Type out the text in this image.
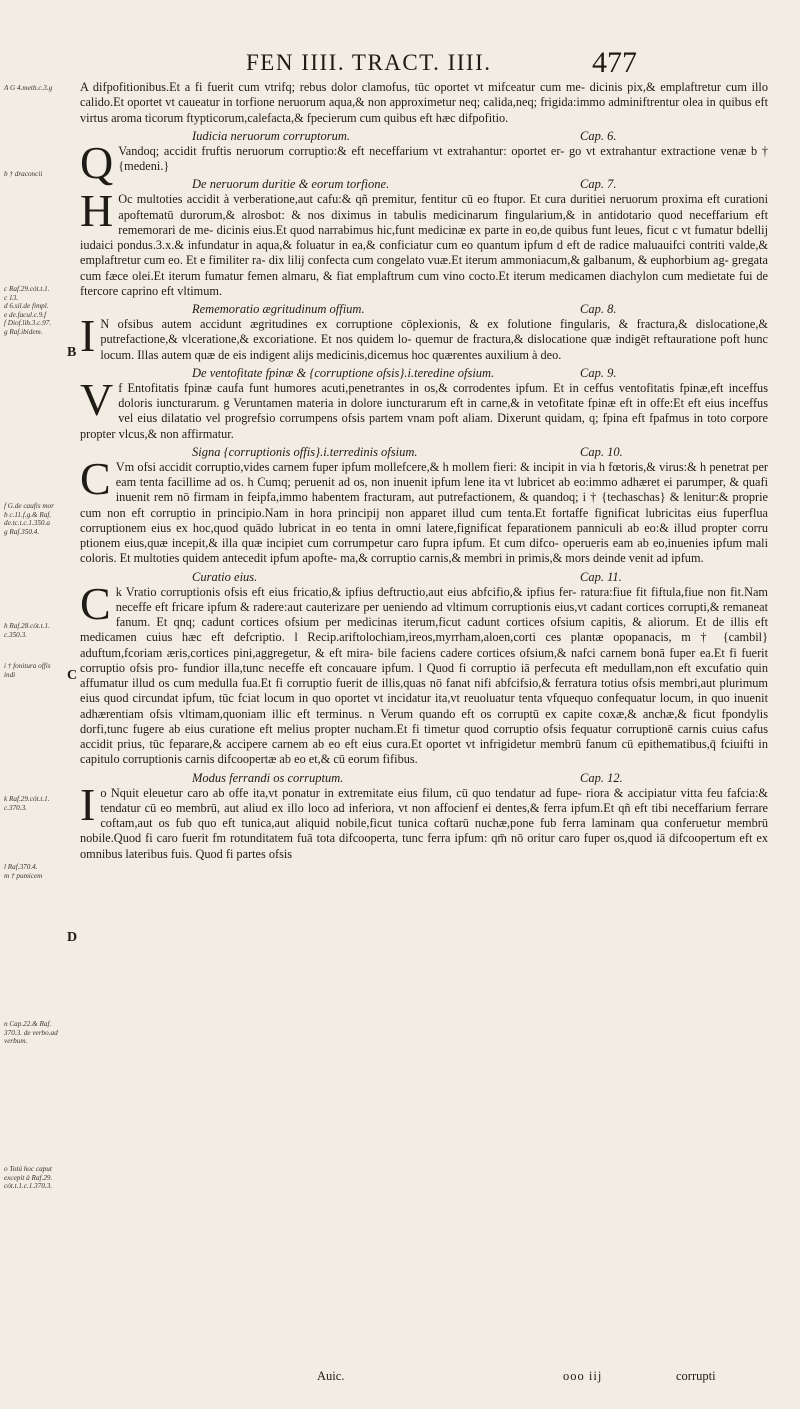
FEN IIII. TRACT. IIII.	477
A G 4.meth.c.3.g
b † draconcii
c Raf.29.cót.t.1.
c 13.
d 6.sil.de fimpl.
e de.facul.c.9.f
f Diof.lib.3.c.97.
g Raf.ibidem.
f G.de caufis mor
b c.11.f.g.& Raf.
de.tc.t.c.1.350.a
g Raf.350.4.
h Raf.28.cót.t.1.
c.350.3.
i † fonitura offis
indi
k Raf.29.cót.t.1.
c.370.3.
l Raf.370.4.
m † pumicem
n Cap.22.& Raf.
370.3. de verbo.ad
verbum.
o Totú hoc caput
excepit à Raf.29.
cót.t.1.c.1.370.3.
B
C
D

A difpofitionibus.Et a fi fuerit cum vtrifq; rebus dolor clamofus, tūc oportet vt mifceatur cum me- dicinis pix,& emplaftretur cum illo calido.Et oportet vt caueatur in torfione neruorum aqua,& non approximetur neq; calida,neq; frigida:immo adminiftrentur olea in quibus eft virtus aroma ticorum ftypticorum,calefacta,& fpecierum cum quibus eft hæc difpofitio.

Iudicia neruorum corruptorum.	Cap. 6.

Q Vandoq; accidit fruftis neruorum corruptio:& eft neceffarium vt extrahantur: oportet er- go vt extrahantur extractione venæ b † {medeni.}

De neruorum duritie & eorum torfione.	Cap. 7.

H Oc multoties accidit à verberatione,aut cafu:& qñ premitur, fentitur cū eo ftupor. Et cura duritiei neruorum proxima eft curationi apoftematū durorum,& alrosbot: & nos diximus in tabulis medicinarum fingularium,& in antidotario quod neceffarium eft rememorari de me- dicinis eius.Et quod narrabimus hic,funt medicinæ ex parte in eo,de quibus funt leues, ficut c vt fumatur bdellij iudaici pondus.3.x.& infundatur in aqua,& foluatur in ea,& conficiatur cum eo quantum ipfum d eft de radice maluauifci contriti valde,& emplaftretur cum eo. Et e fimiliter ra- dix lilij confecta cum congelato vuæ.Et iterum ammoniacum,& galbanum, & euphorbium ag- gregata cum fæce olei.Et iterum fumatur femen almaru, & fiat emplaftrum cum vino cocto.Et iterum medicamen diachylon cum medietate fui de ftercore caprino eft vltimum.

Rememoratio ægritudinum offium.	Cap. 8.

I N ofsibus autem accidunt ægritudines ex corruptione cōplexionis, & ex folutione fingularis, & fractura,& dislocatione,& putrefactione,& vlceratione,& excoriatione. Et nos quidem lo- quemur de fractura,& dislocatione quæ indigēt reftauratione poft hunc locum. Illas autem quæ de eis indigent alijs medicinis,dicemus hoc quærentes auxilium à deo.

De ventofitate fpinæ & {corruptione ofsis}.i.teredine ofsium.	Cap. 9.

Vf Entofitatis fpinæ caufa funt humores acuti,penetrantes in os,& corrodentes ipfum. Et in ceffus ventofitatis fpinæ,eft inceffus doloris iuncturarum. g Veruntamen materia in dolore iuncturarum eft in carne,& in vetofitate fpinæ eft in offe:Et eft eius inceffus vel eius dilatatio vel progrefsio corrumpens ofsis partem vnam poft aliam. Dixerunt quidam, q; fpina eft fpafmus in toto corpore propter vlcus,& non affirmatur.

Signa {corruptionis offis}.i.terredinis ofsium.	Cap. 10.

C Vm ofsi accidit corruptio,vides carnem fuper ipfum mollefcere,& h mollem fieri: & incipit in via h fœtoris,& virus:& h penetrat per eam tenta facillime ad os. h Cumq; peruenit ad os, non inuenit ipfum lene ita vt lubricet ab eo:immo adhæret ei parumper, & quafi inuenit rem nō firmam in feipfa,immo habentem fracturam, aut putrefactionem, & quandoq; i † {techaschas} & lenitur:& proprie cum non eft corruptio in principio.Nam in hora principij non apparet illud cum tenta.Et fortaffe fignificat lubricitas eius fuperflua corruptionem eius ex hoc,quod quādo lubricat in eo tenta in omni latere,fignificat feparationem panniculi ab eo:& illud propter corru ptionem eius,quæ incepit,& illa quæ incipiet cum corrumpetur caro fupra ipfum. Et cum difco- operueris eam ab eo,inuenies ipfum mali coloris. Et multoties quidem antecedit ipfum apofte- ma,& corruptio carnis,& membri in primis,& mors deinde venit ad ipfum.

Curatio eius.	Cap. 11.

Ck Vratio corruptionis ofsis eft eius fricatio,& ipfius deftructio,aut eius abfcifio,& ipfius fer- ratura:fiue fit fiftula,fiue non fit.Nam neceffe eft fricare ipfum & radere:aut cauterizare per ueniendo ad vltimum corruptionis eius,vt cadant cortices corrupti,& remaneat fanum. Et qnq; cadunt cortices ofsium per medicinas iterum,ficut cadunt cortices ofsium capitis, & aliorum. Et de illis eft medicamen cuius hæc eft defcriptio. l Recip.ariftolochiam,ireos,myrrham,aloen,corti ces plantæ opopanacis, m † {cambil} aduftum,fcoriam æris,cortices pini,aggregetur, & eft mira- bile faciens cadere cortices ofsium,& nafci carnem bonā fuper ea.Et fi fuerit corruptio ofsis pro- fundior illa,tunc neceffe eft concauare ipfum. l Quod fi corruptio iā perfecuta eft medullam,non eft excufatio quin affumatur illud os cum medulla fua.Et fi corruptio fuerit de illis,quas nō fanat nifi abfcifsio,& ferratura totius ofsis membri,aut plurimum eius quod circundat ipfum, tūc fciat locum in quo oportet vt incidatur ita,vt reuoluatur tenta vfquequo confequatur locum, in quo inuenit adhærentiam ofsis vltimam,quoniam illic eft terminus. n Verum quando eft os corruptū ex capite coxæ,& anchæ,& ficut fpondylis dorfi,tunc fugere ab eius curatione eft melius propter nucham.Et fi timetur quod corruptio ofsis fequatur corruptionē carnis cuius cafus accidit prius, tūc feparare,& accipere carnem ab eo eft eius cura.Et oportet vt infrigidetur membrū fanum cū epithematibus,q̄ fciuifti in capitulo corruptionis carnis difcoopertæ ab eo et,& cū eorum fifibus.

Modus ferrandi os corruptum.	Cap. 12.

Io Nquit eleuetur caro ab offe ita,vt ponatur in extremitate eius filum, cū quo tendatur ad fupe- riora & accipiatur vitta feu fafcia:& tendatur cū eo membrū, aut aliud ex illo loco ad inferiora, vt non affocienf ei dentes,& ferra ipfum.Et qñ eft tibi neceffarium ferrare coftam,aut os fub quo eft tunica,aut aliquid nobile,ficut tunica coftarū nuchæ,pone fub ferra laminam qua conferuetur membrū nobile.Quod fi caro fuerit fm rotunditatem fuā tota difcooperta, tunc ferra ipfum: qm̄ nō oritur caro fuper os,quod iā difcoopertum eft ex omnibus lateribus fuis. Quod fi partes ofsis

Auic.	ooo iij	corrupti
